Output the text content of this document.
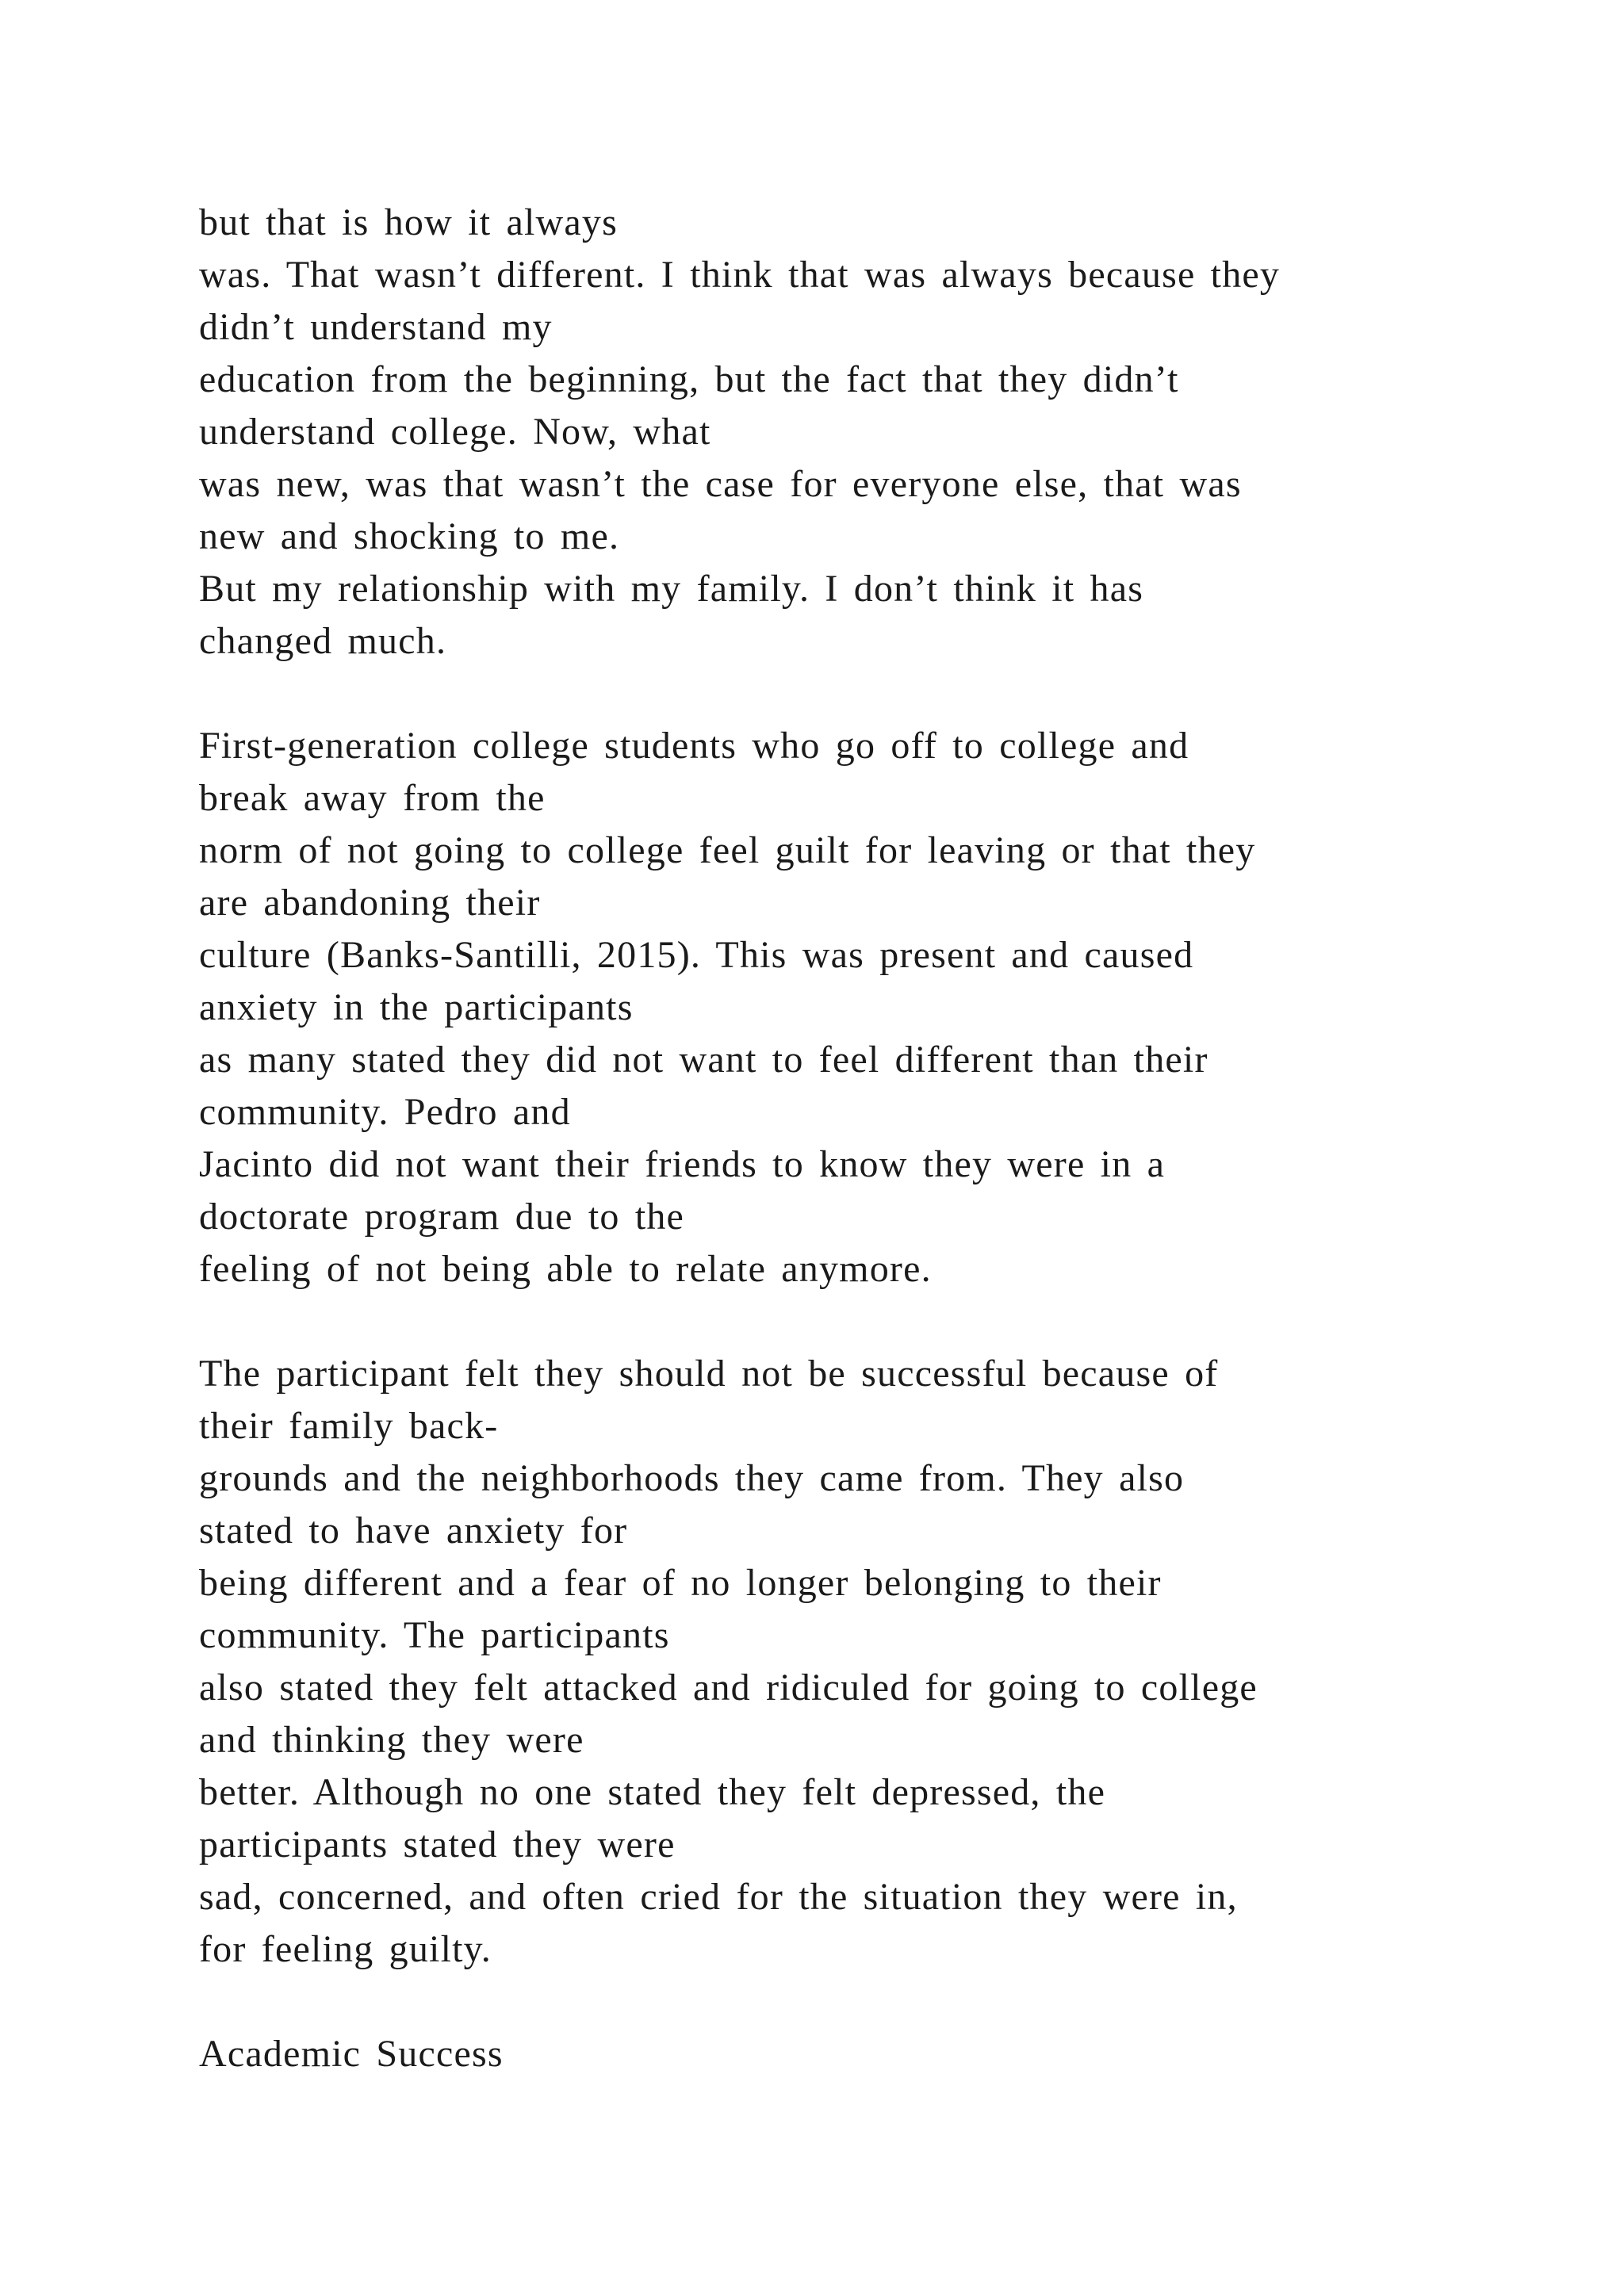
but that is how it always
was. That wasn’t different. I think that was always because they
didn’t understand my
education from the beginning, but the fact that they didn’t
understand college. Now, what
was new, was that wasn’t the case for everyone else, that was
new and shocking to me.
But my relationship with my family. I don’t think it has
changed much.
First-generation college students who go off to college and
break away from the
norm of not going to college feel guilt for leaving or that they
are abandoning their
culture (Banks-Santilli, 2015). This was present and caused
anxiety in the participants
as many stated they did not want to feel different than their
community. Pedro and
Jacinto did not want their friends to know they were in a
doctorate program due to the
feeling of not being able to relate anymore.
The participant felt they should not be successful because of
their family back-
grounds and the neighborhoods they came from. They also
stated to have anxiety for
being different and a fear of no longer belonging to their
community. The participants
also stated they felt attacked and ridiculed for going to college
and thinking they were
better. Although no one stated they felt depressed, the
participants stated they were
sad, concerned, and often cried for the situation they were in,
for feeling guilty.
Academic Success
